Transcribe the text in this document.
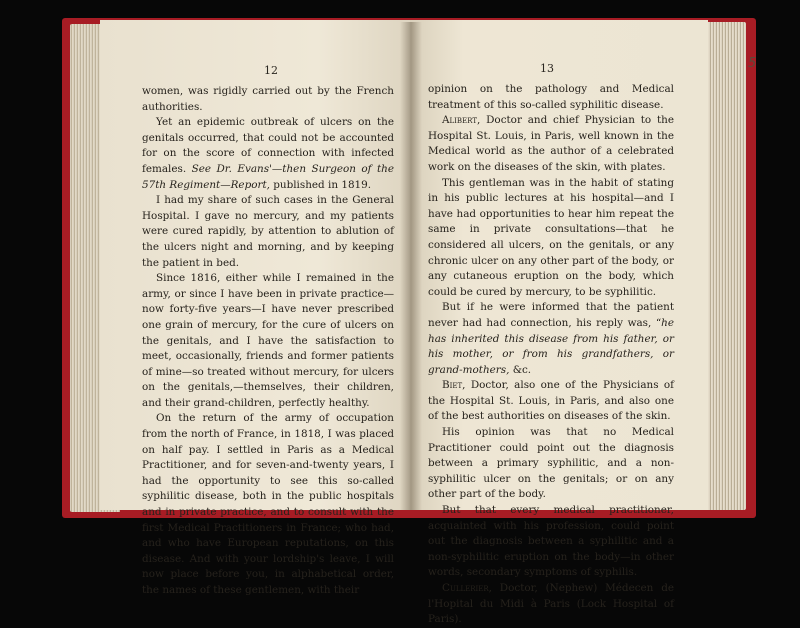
12

women, was rigidly carried out by the French authorities.

Yet an epidemic outbreak of ulcers on the genitals occurred, that could not be accounted for on the score of connection with infected females. See Dr. Evans'—then Surgeon of the 57th Regiment—Report, published in 1819.

I had my share of such cases in the General Hospital. I gave no mercury, and my patients were cured rapidly, by attention to ablution of the ulcers night and morning, and by keeping the patient in bed.

Since 1816, either while I remained in the army, or since I have been in private practice—now forty-five years—I have never prescribed one grain of mercury, for the cure of ulcers on the genitals, and I have the satisfaction to meet, occasionally, friends and former patients of mine—so treated without mercury, for ulcers on the genitals,—themselves, their children, and their grand-children, perfectly healthy.

On the return of the army of occupation from the north of France, in 1818, I was placed on half pay. I settled in Paris as a Medical Practitioner, and for seven-and-twenty years, I had the opportunity to see this so-called syphilitic disease, both in the public hospitals and in private practice, and to consult with the first Medical Practitioners in France; who had, and who have European reputations, on this disease. And with your lordship's leave, I will now place before you, in alphabetical order, the names of these gentlemen, with their

13

opinion on the pathology and Medical treatment of this so-called syphilitic disease.

Alibert, Doctor and chief Physician to the Hospital St. Louis, in Paris, well known in the Medical world as the author of a celebrated work on the diseases of the skin, with plates.

This gentleman was in the habit of stating in his public lectures at his hospital—and I have had opportunities to hear him repeat the same in private consultations—that he considered all ulcers, on the genitals, or any chronic ulcer on any other part of the body, or any cutaneous eruption on the body, which could be cured by mercury, to be syphilitic.

But if he were informed that the patient never had had connection, his reply was, “he has inherited this disease from his father, or his mother, or from his grandfathers, or grand-mothers, &c.

Biet, Doctor, also one of the Physicians of the Hospital St. Louis, in Paris, and also one of the best authorities on diseases of the skin.

His opinion was that no Medical Practitioner could point out the diagnosis between a primary syphilitic, and a non-syphilitic ulcer on the genitals; or on any other part of the body.

But that every medical practitioner, acquainted with his profession, could point out the diagnosis between a syphilitic and a non-syphilitic eruption on the body—in other words, secondary symptoms of syphilis.

Cullerier, Doctor, (Nephew) Médecen de l'Hopital du Midi à Paris (Lock Hospital of Paris).

5
